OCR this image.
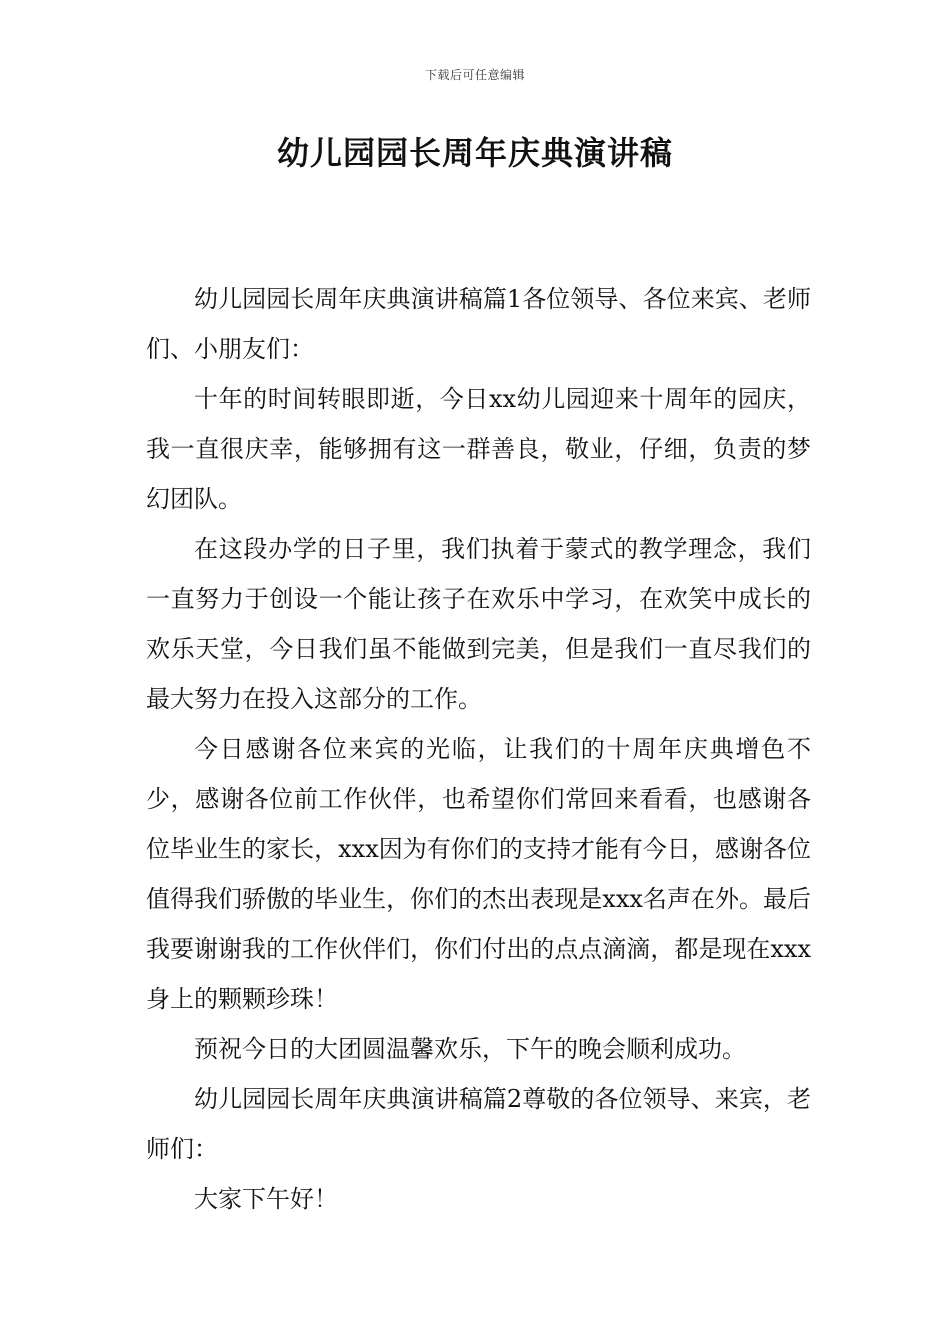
下载后可任意编辑
幼儿园园长周年庆典演讲稿

幼儿园园长周年庆典演讲稿篇1各位领导、各位来宾、老师们、小朋友们：

十年的时间转眼即逝，今日xx幼儿园迎来十周年的园庆，我一直很庆幸，能够拥有这一群善良，敬业，仔细，负责的梦幻团队。

在这段办学的日子里，我们执着于蒙式的教学理念，我们一直努力于创设一个能让孩子在欢乐中学习，在欢笑中成长的欢乐天堂，今日我们虽不能做到完美，但是我们一直尽我们的最大努力在投入这部分的工作。

今日感谢各位来宾的光临，让我们的十周年庆典增色不少，感谢各位前工作伙伴，也希望你们常回来看看，也感谢各位毕业生的家长，xxx因为有你们的支持才能有今日，感谢各位值得我们骄傲的毕业生，你们的杰出表现是xxx名声在外。最后我要谢谢我的工作伙伴们，你们付出的点点滴滴，都是现在xxx身上的颗颗珍珠！

预祝今日的大团圆温馨欢乐，下午的晚会顺利成功。

幼儿园园长周年庆典演讲稿篇2尊敬的各位领导、来宾，老师们：

大家下午好！
